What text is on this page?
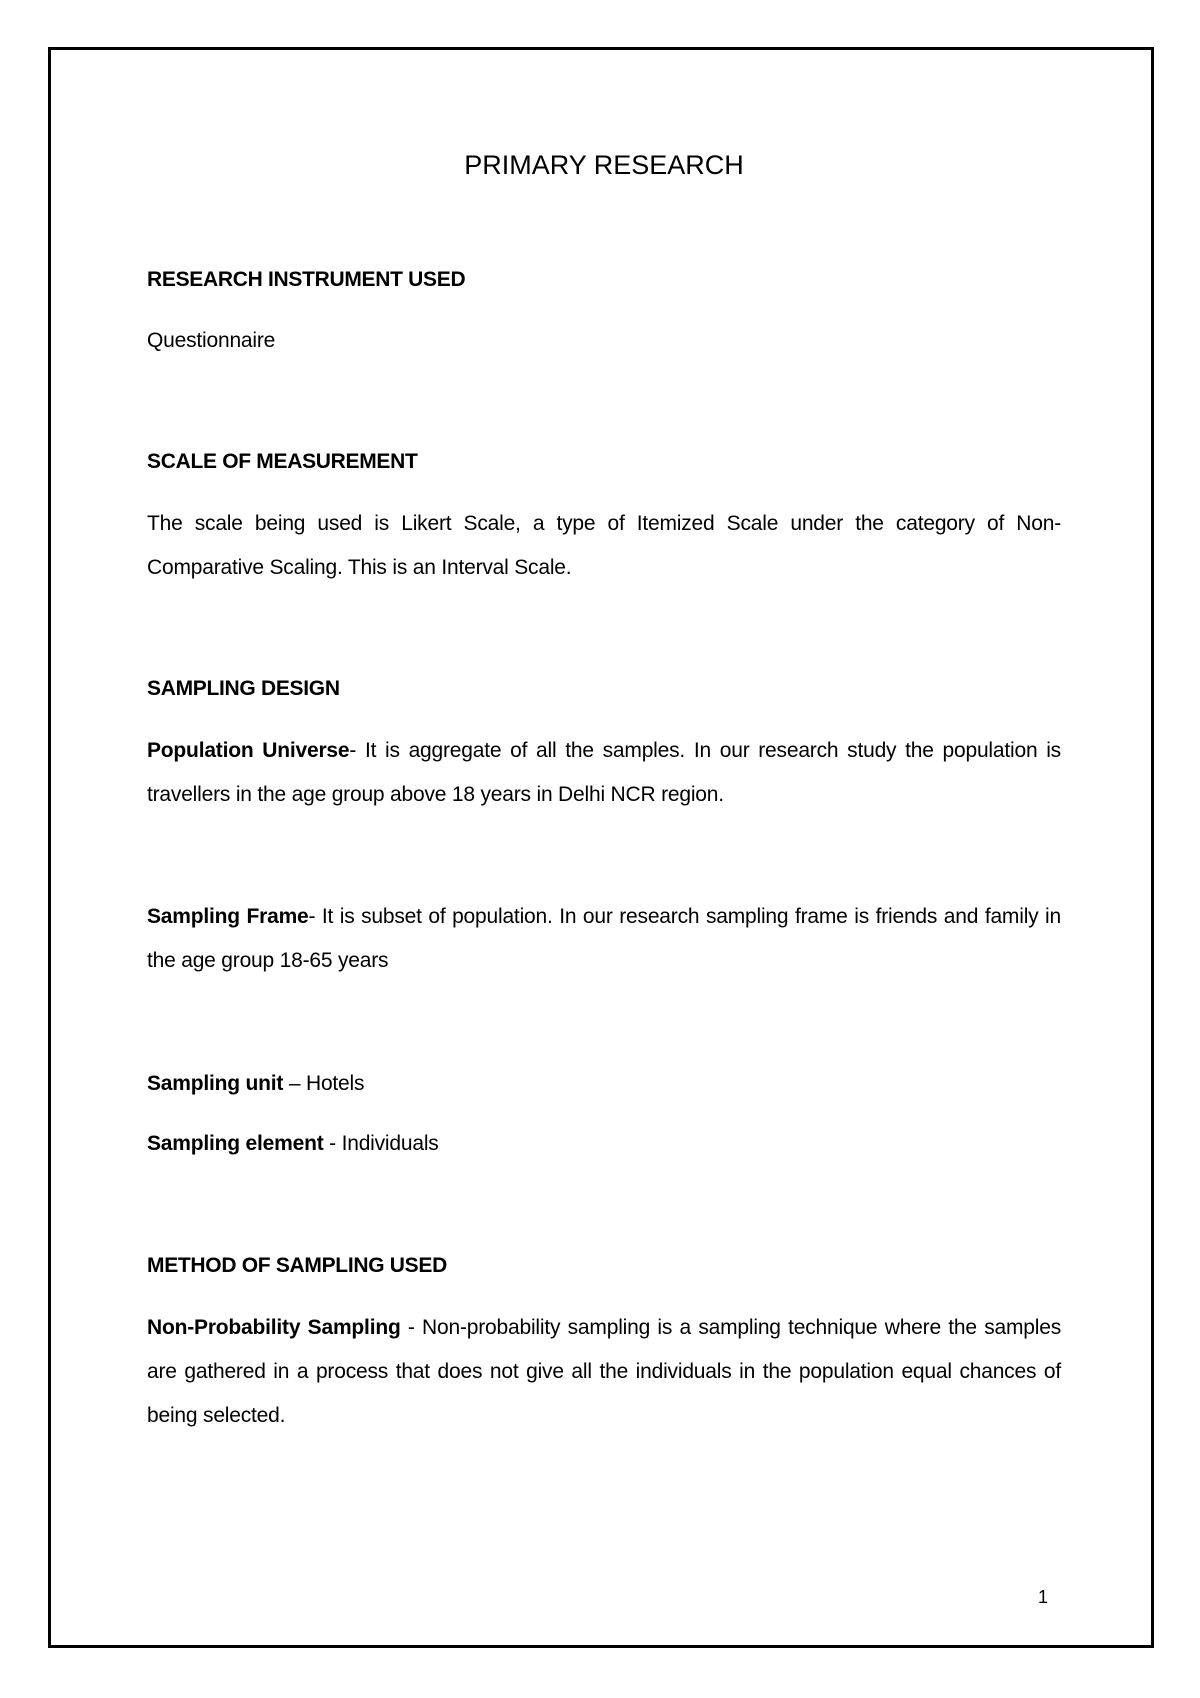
PRIMARY RESEARCH
RESEARCH INSTRUMENT USED

Questionnaire

SCALE OF MEASUREMENT

The scale being used is Likert Scale, a type of Itemized Scale under the category of Non-Comparative Scaling. This is an Interval Scale.

SAMPLING DESIGN

Population Universe- It is aggregate of all the samples. In our research study the population is travellers in the age group above 18 years in Delhi NCR region.

Sampling Frame- It is subset of population. In our research sampling frame is friends and family in the age group 18-65 years

Sampling unit – Hotels

Sampling element - Individuals

METHOD OF SAMPLING USED

Non-Probability Sampling - Non-probability sampling is a sampling technique where the samples are gathered in a process that does not give all the individuals in the population equal chances of being selected.

1
